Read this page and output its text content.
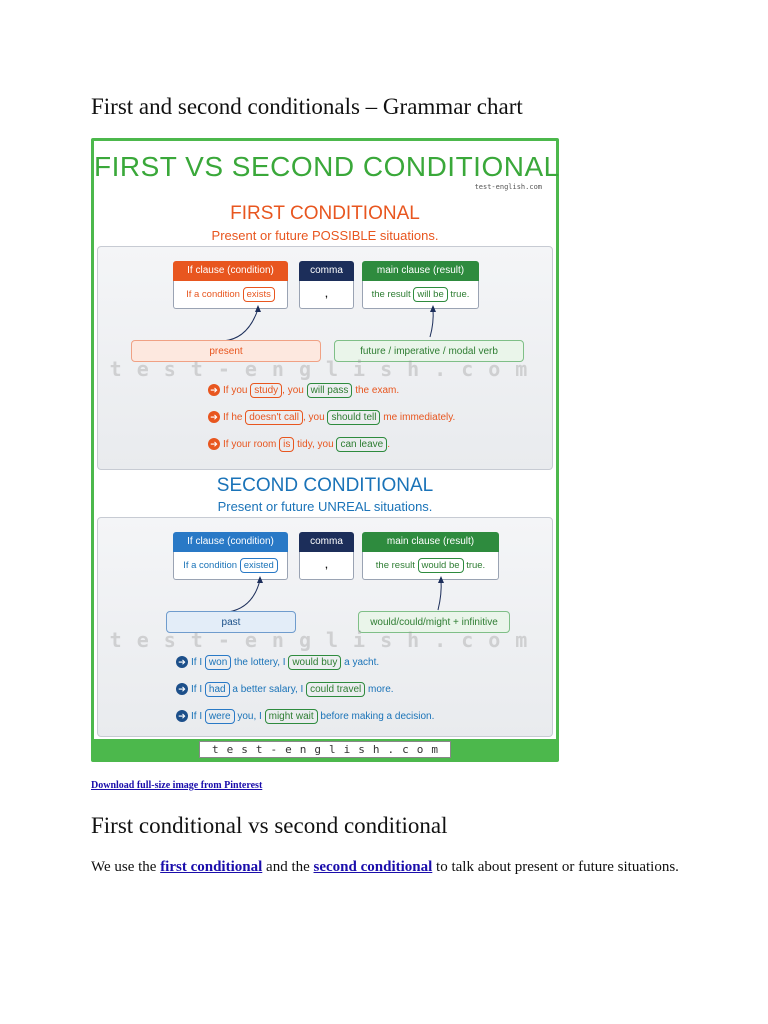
First and second conditionals – Grammar chart
FIRST VS SECOND CONDITIONAL
test-english.com
FIRST CONDITIONAL
Present or future POSSIBLE situations.
If clause (condition)
If a condition exists
comma
,
main clause (result)
the result will be true.
present	future / imperative / modal verb
test-english.com
➔ If you study , you will pass the exam.
➔ If he doesn't call , you should tell me immediately.
➔ If your room is tidy, you can leave .
SECOND CONDITIONAL
Present or future UNREAL situations.
If clause (condition)
If a condition existed
comma
,
main clause (result)
the result would be true.
past	would/could/might + infinitive
test-english.com
➔ If I won the lottery, I would buy a yacht.
➔ If I had a better salary, I could travel more.
➔ If I were you, I might wait before making a decision.
test-english.com
Download full-size image from Pinterest
First conditional vs second conditional

We use the first conditional and the second conditional to talk about present or future situations.
